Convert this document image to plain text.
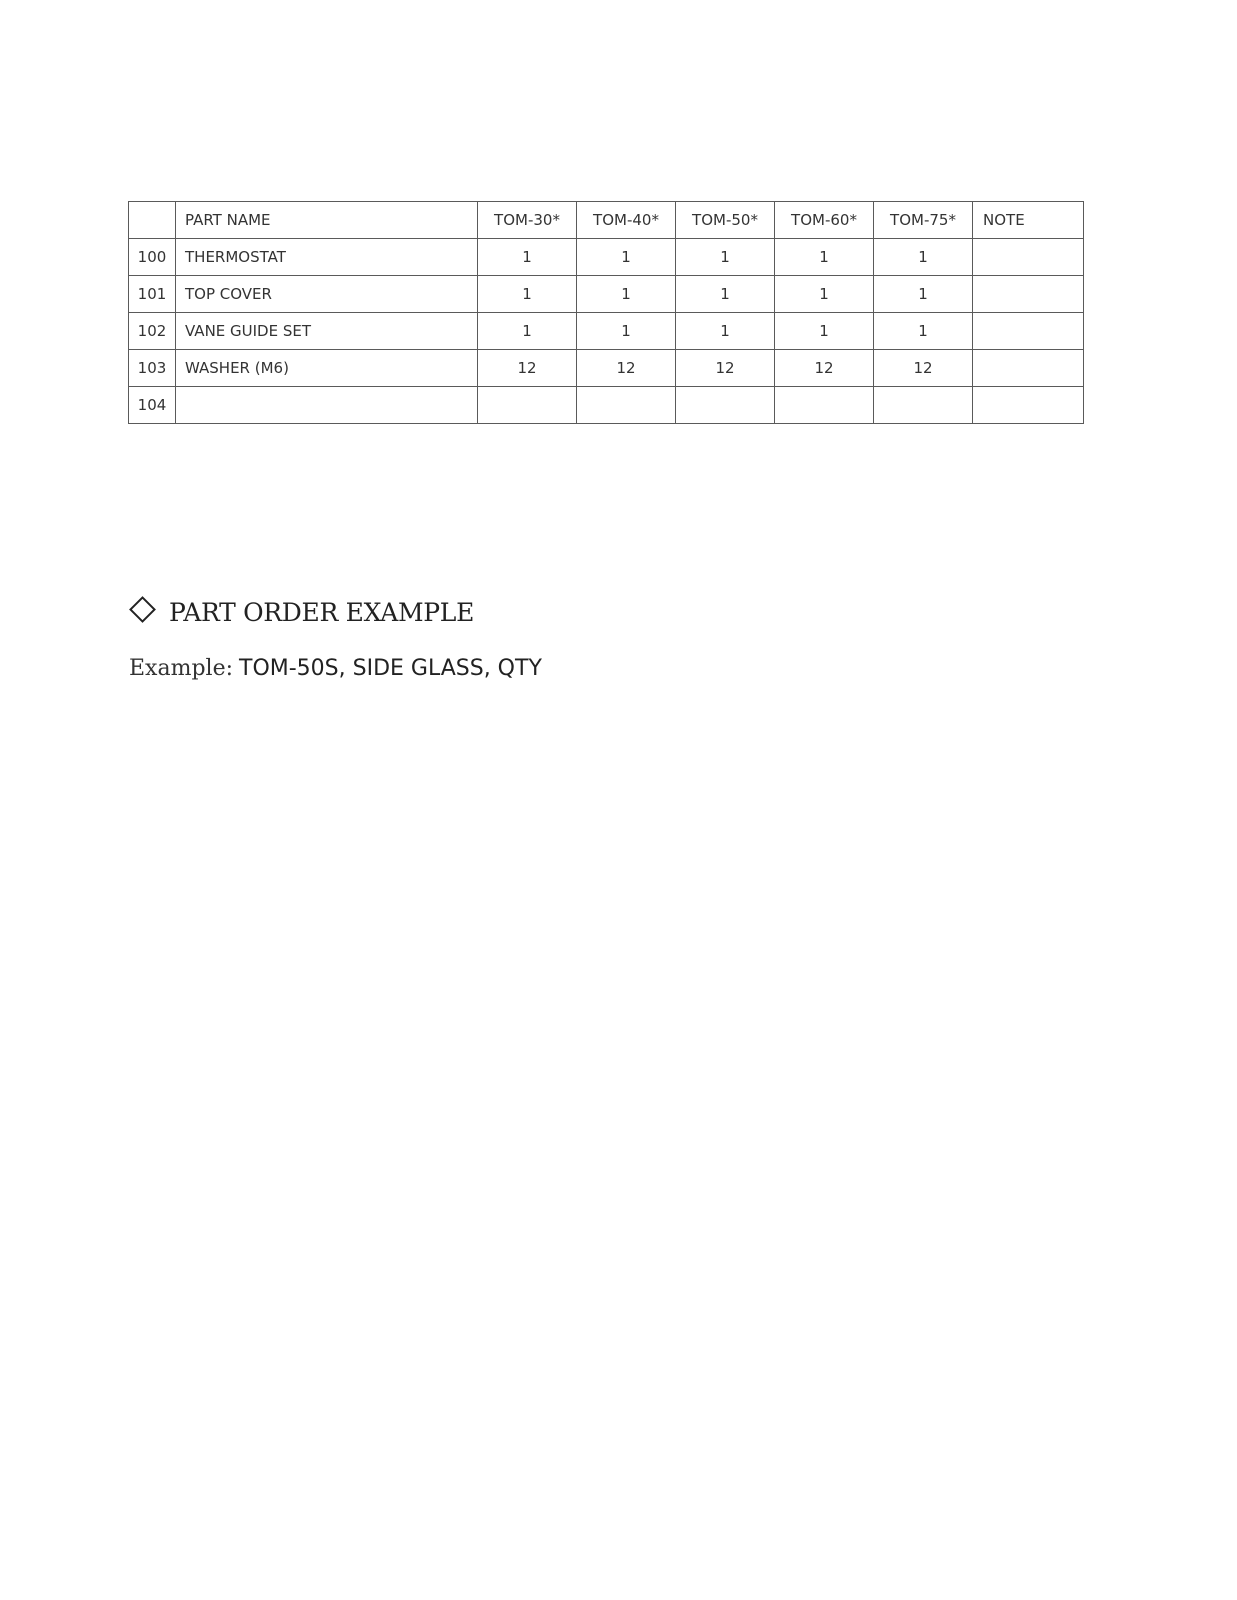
	PART NAME	TOM-30*	TOM-40*	TOM-50*	TOM-60*	TOM-75*	NOTE
100	THERMOSTAT	1	1	1	1	1	
101	TOP COVER	1	1	1	1	1	
102	VANE GUIDE SET	1	1	1	1	1	
103	WASHER (M6)	12	12	12	12	12	
104							
PART ORDER EXAMPLE

Example: TOM-50S, SIDE GLASS, QTY
